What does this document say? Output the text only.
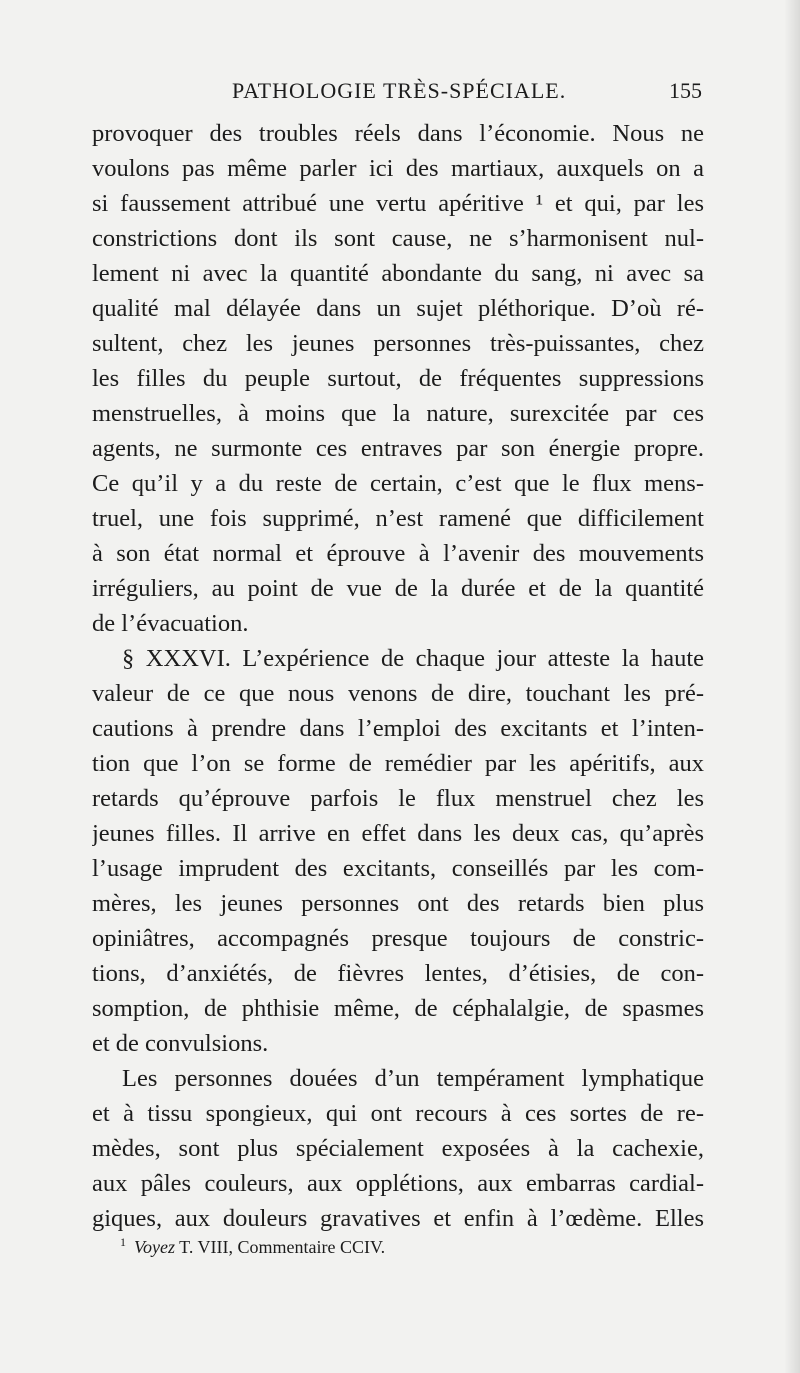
PATHOLOGIE TRÈS-SPÉCIALE.	155
provoquer des troubles réels dans l’économie. Nous ne
voulons pas même parler ici des martiaux, auxquels on a
si faussement attribué une vertu apéritive ¹ et qui, par les
constrictions dont ils sont cause, ne s’harmonisent nul-
lement ni avec la quantité abondante du sang, ni avec sa
qualité mal délayée dans un sujet pléthorique. D’où ré-
sultent, chez les jeunes personnes très-puissantes, chez
les filles du peuple surtout, de fréquentes suppressions
menstruelles, à moins que la nature, surexcitée par ces
agents, ne surmonte ces entraves par son énergie propre.
Ce qu’il y a du reste de certain, c’est que le flux mens-
truel, une fois supprimé, n’est ramené que difficilement
à son état normal et éprouve à l’avenir des mouvements
irréguliers, au point de vue de la durée et de la quantité
de l’évacuation.
§ XXXVI. L’expérience de chaque jour atteste la haute
valeur de ce que nous venons de dire, touchant les pré-
cautions à prendre dans l’emploi des excitants et l’inten-
tion que l’on se forme de remédier par les apéritifs, aux
retards qu’éprouve parfois le flux menstruel chez les
jeunes filles. Il arrive en effet dans les deux cas, qu’après
l’usage imprudent des excitants, conseillés par les com-
mères, les jeunes personnes ont des retards bien plus
opiniâtres, accompagnés presque toujours de constric-
tions, d’anxiétés, de fièvres lentes, d’étisies, de con-
somption, de phthisie même, de céphalalgie, de spasmes
et de convulsions.
Les personnes douées d’un tempérament lymphatique
et à tissu spongieux, qui ont recours à ces sortes de re-
mèdes, sont plus spécialement exposées à la cachexie,
aux pâles couleurs, aux opplétions, aux embarras cardial-
giques, aux douleurs gravatives et enfin à l’œdème. Elles
$^1$ Voyez T. VIII, Commentaire CCIV.
